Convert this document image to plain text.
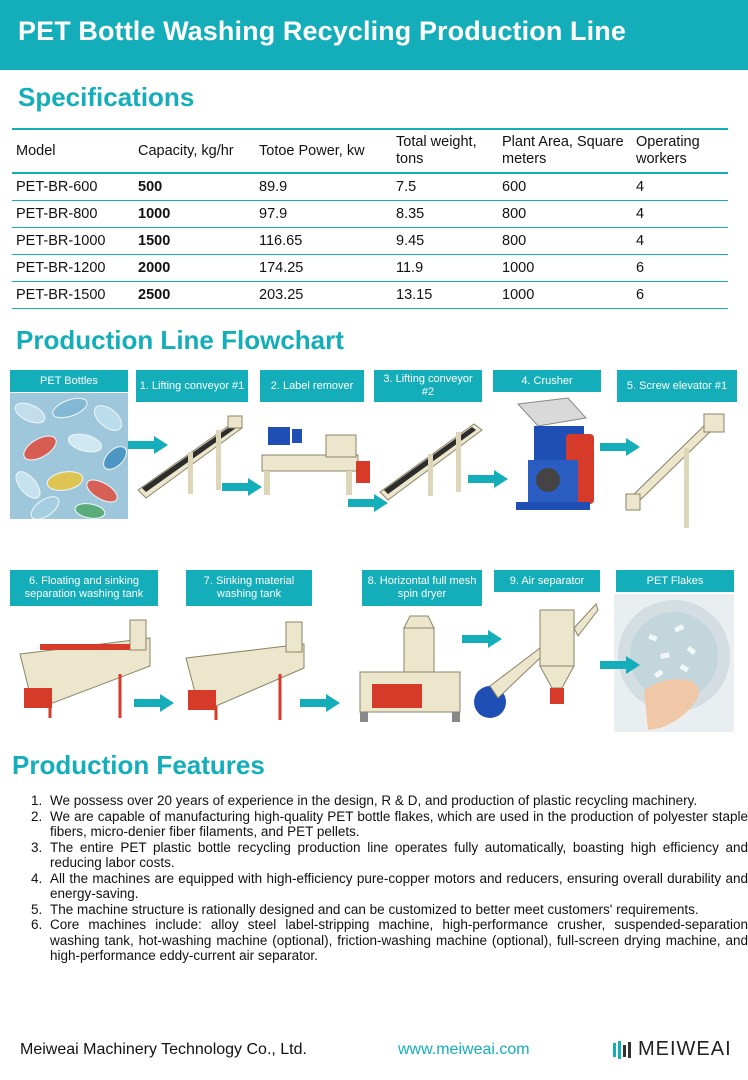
PET Bottle Washing Recycling Production Line
Specifications
Model	Capacity, kg/hr	Totoe Power, kw	Total weight, tons	Plant Area, Square meters	Operating workers
PET-BR-600	500	89.9	7.5	600	4
PET-BR-800	1000	97.9	8.35	800	4
PET-BR-1000	1500	116.65	9.45	800	4
PET-BR-1200	2000	174.25	11.9	1000	6
PET-BR-1500	2500	203.25	13.15	1000	6
Production Line Flowchart
PET Bottles	1. Lifting conveyor #1	2. Label remover
3. Lifting conveyor #2
4. Crusher	5. Screw elevator #1
6. Floating and sinking separation washing tank
7. Sinking material washing tank
8. Horizontal full mesh spin dryer
9. Air separator	PET Flakes
Production Features
1. We possess over 20 years of experience in the design, R & D, and production of plastic recycling machinery.
2. We are capable of manufacturing high-quality PET bottle flakes, which are used in the production of polyester staple fibers, micro-denier fiber filaments, and PET pellets.
3. The entire PET plastic bottle recycling production line operates fully automatically, boasting high efficiency and reducing labor costs.
4. All the machines are equipped with high-efficiency pure-copper motors and reducers, ensuring overall durability and energy-saving.
5. The machine structure is rationally designed and can be customized to better meet customers' requirements.
6. Core machines include: alloy steel label-stripping machine, high-performance crusher, suspended-separation washing tank, hot-washing machine (optional), friction-washing machine (optional), full-screen drying machine, and high-performance eddy-current air separator.
Meiweai Machinery Technology Co., Ltd.	www.meiweai.com	MEIWEAI
